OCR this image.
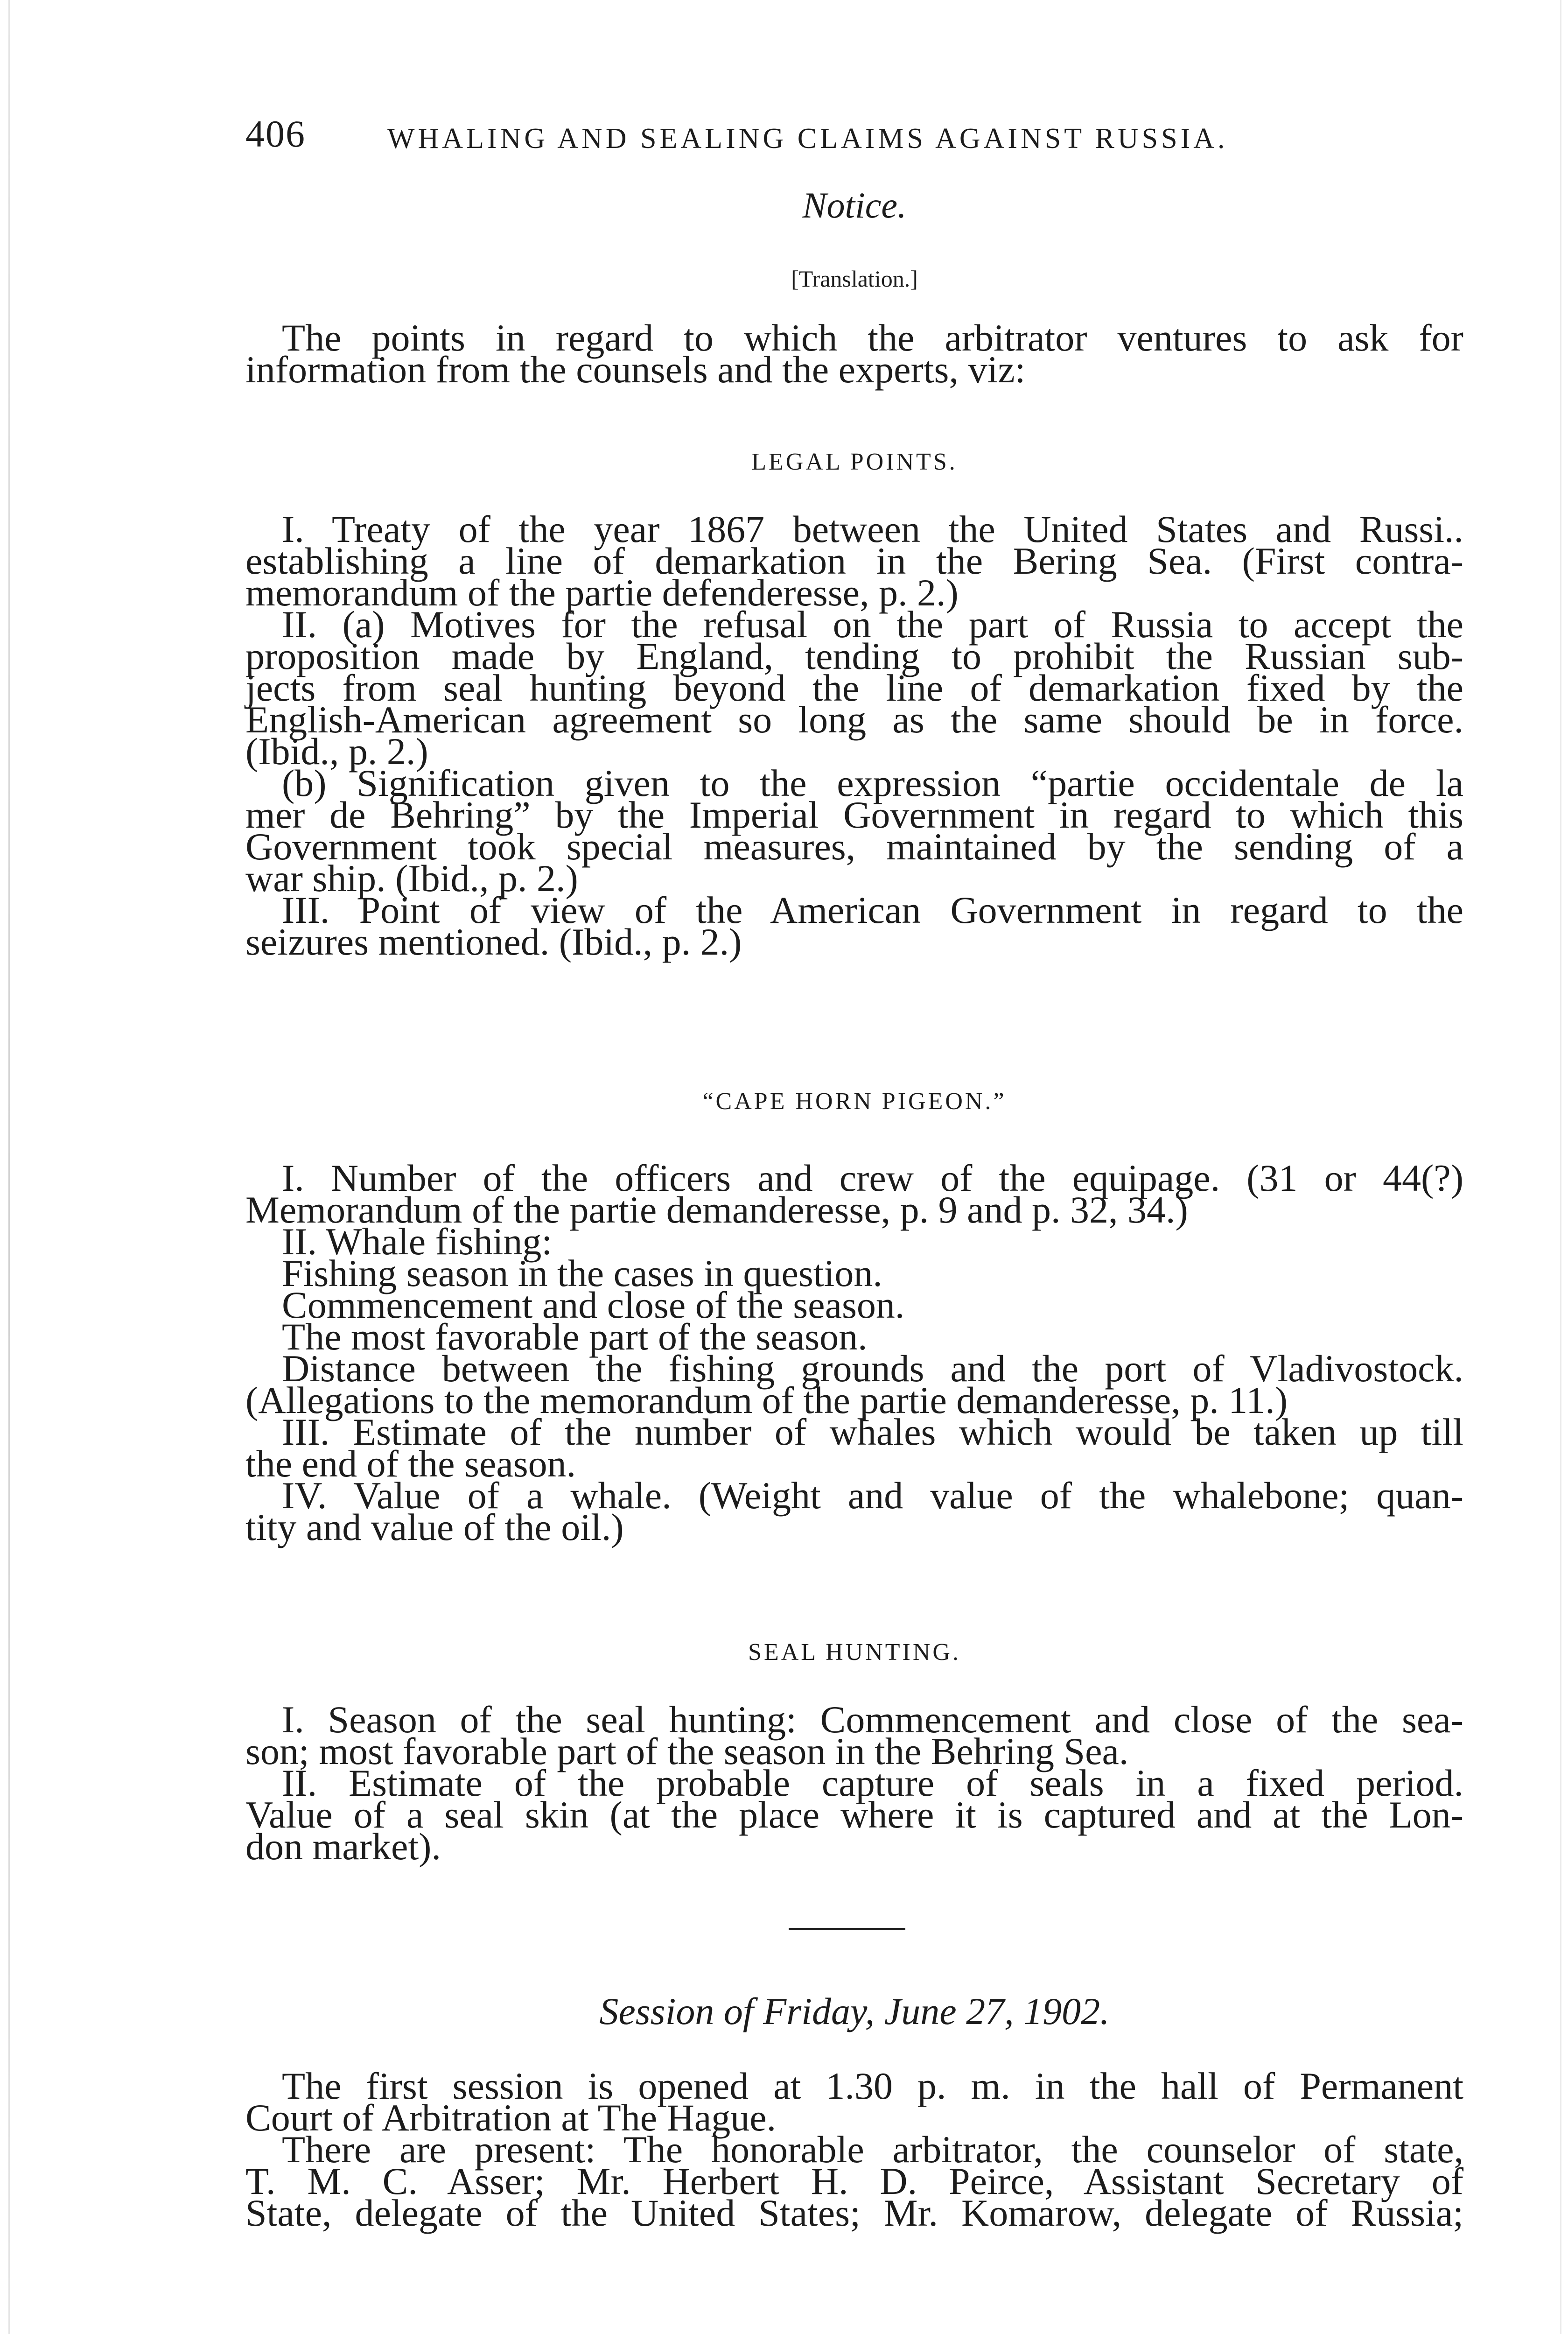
406	WHALING AND SEALING CLAIMS AGAINST RUSSIA.
Notice.
[Translation.]
The points in regard to which the arbitrator ventures to ask for
information from the counsels and the experts, viz:
LEGAL POINTS.
I. Treaty of the year 1867 between the United States and Russi..
establishing a line of demarkation in the Bering Sea. (First contra-
memorandum of the partie defenderesse, p. 2.)
II. (a) Motives for the refusal on the part of Russia to accept the
proposition made by England, tending to prohibit the Russian sub-
jects from seal hunting beyond the line of demarkation fixed by the
English-American agreement so long as the same should be in force.
(Ibid., p. 2.)
(b) Signification given to the expression “partie occidentale de la
mer de Behring” by the Imperial Government in regard to which this
Government took special measures, maintained by the sending of a
war ship. (Ibid., p. 2.)
III. Point of view of the American Government in regard to the
seizures mentioned. (Ibid., p. 2.)
“CAPE HORN PIGEON.”
I. Number of the officers and crew of the equipage. (31 or 44(?)
Memorandum of the partie demanderesse, p. 9 and p. 32, 34.)
II. Whale fishing:
Fishing season in the cases in question.
Commencement and close of the season.
The most favorable part of the season.
Distance between the fishing grounds and the port of Vladivostock.
(Allegations to the memorandum of the partie demanderesse, p. 11.)
III. Estimate of the number of whales which would be taken up till
the end of the season.
IV. Value of a whale. (Weight and value of the whalebone; quan-
tity and value of the oil.)
SEAL HUNTING.
I. Season of the seal hunting: Commencement and close of the sea-
son; most favorable part of the season in the Behring Sea.
II. Estimate of the probable capture of seals in a fixed period.
Value of a seal skin (at the place where it is captured and at the Lon-
don market).
Session of Friday, June 27, 1902.
The first session is opened at 1.30 p. m. in the hall of Permanent
Court of Arbitration at The Hague.
There are present: The honorable arbitrator, the counselor of state,
T. M. C. Asser; Mr. Herbert H. D. Peirce, Assistant Secretary of
State, delegate of the United States; Mr. Komarow, delegate of Russia;
